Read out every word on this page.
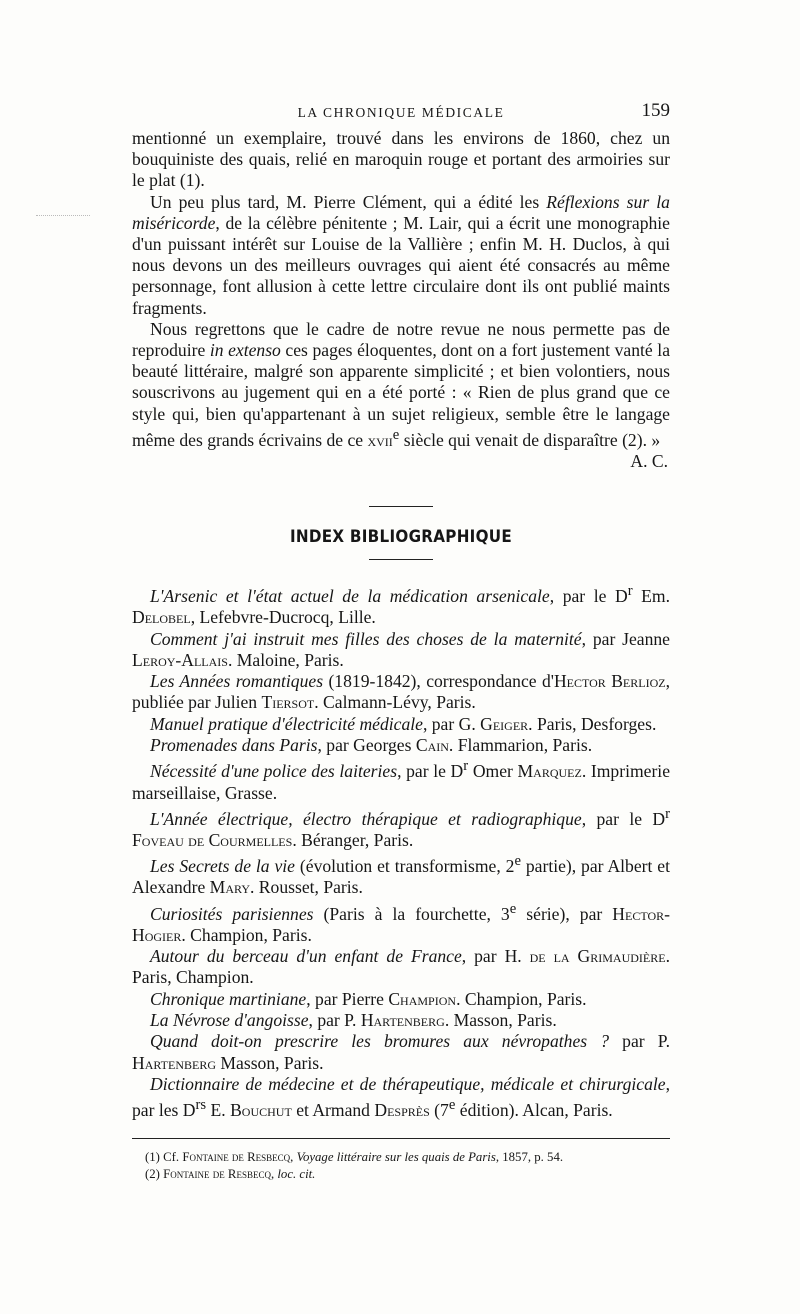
LA CHRONIQUE MÉDICALE	159

mentionné un exemplaire, trouvé dans les environs de 1860, chez un bouquiniste des quais, relié en maroquin rouge et portant des armoiries sur le plat (1).

Un peu plus tard, M. Pierre Clément, qui a édité les Réflexions sur la miséricorde, de la célèbre pénitente ; M. Lair, qui a écrit une monographie d'un puissant intérêt sur Louise de la Vallière ; enfin M. H. Duclos, à qui nous devons un des meilleurs ouvrages qui aient été consacrés au même personnage, font allusion à cette lettre circulaire dont ils ont publié maints fragments.

Nous regrettons que le cadre de notre revue ne nous permette pas de reproduire in extenso ces pages éloquentes, dont on a fort justement vanté la beauté littéraire, malgré son apparente simplicité ; et bien volontiers, nous souscrivons au jugement qui en a été porté : « Rien de plus grand que ce style qui, bien qu'appartenant à un sujet religieux, semble être le langage même des grands écrivains de ce xvii$^e$ siècle qui venait de disparaître (2). »

A. C.
INDEX BIBLIOGRAPHIQUE

L'Arsenic et l'état actuel de la médication arsenicale, par le $D^r$ Em. Delobel, Lefebvre-Ducrocq, Lille.

Comment j'ai instruit mes filles des choses de la maternité, par Jeanne Leroy-Allais. Maloine, Paris.

Les Années romantiques (1819-1842), correspondance d'Hector Berlioz, publiée par Julien Tiersot. Calmann-Lévy, Paris.

Manuel pratique d'électricité médicale, par G. Geiger. Paris, Desforges.

Promenades dans Paris, par Georges Cain. Flammarion, Paris.

Nécessité d'une police des laiteries, par le $D^r$ Omer Marquez. Imprimerie marseillaise, Grasse.

L'Année électrique, électro thérapique et radiographique, par le $D^r$ Foveau de Courmelles. Béranger, Paris.

Les Secrets de la vie (évolution et transformisme, 2e partie), par Albert et Alexandre Mary. Rousset, Paris.

Curiosités parisiennes (Paris à la fourchette, 3e série), par Hector-Hogier. Champion, Paris.

Autour du berceau d'un enfant de France, par H. de la Grimaudière. Paris, Champion.

Chronique martiniane, par Pierre Champion. Champion, Paris.

La Névrose d'angoisse, par P. Hartenberg. Masson, Paris.

Quand doit-on prescrire les bromures aux névropathes ? par P. Hartenberg Masson, Paris.

Dictionnaire de médecine et de thérapeutique, médicale et chirurgicale, par les $D^{rs}$ E. Bouchut et Armand Desprès (7e édition). Alcan, Paris.

(1) Cf. Fontaine de Resbecq, Voyage littéraire sur les quais de Paris, 1857, p. 54.

(2) Fontaine de Resbecq, loc. cit.
